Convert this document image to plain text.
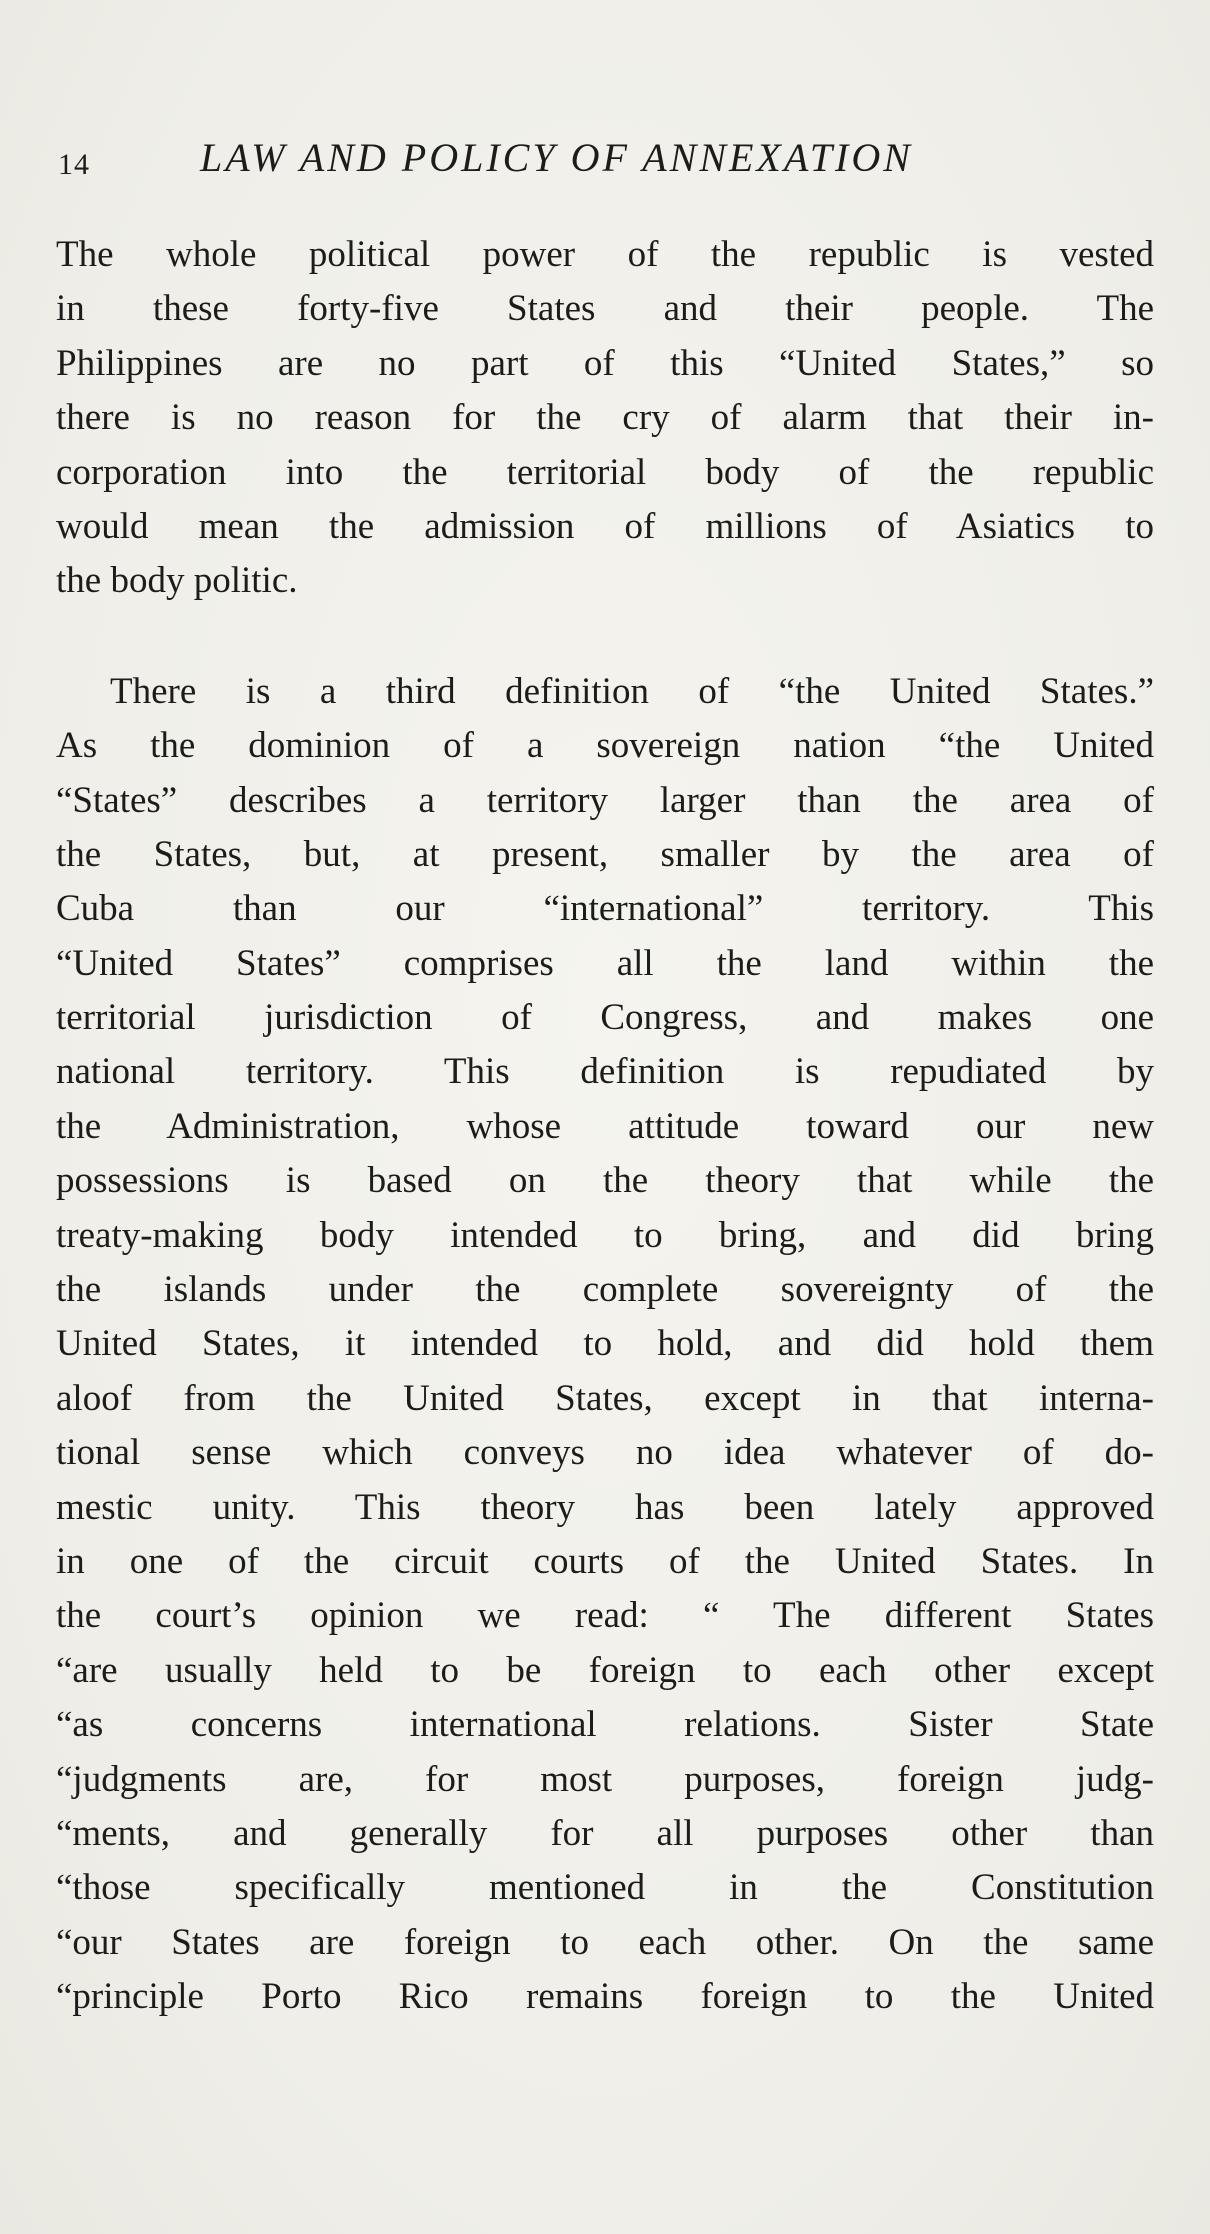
14	LAW AND POLICY OF ANNEXATION
The whole political power of the republic is vested
in these forty-five States and their people. The
Philippines are no part of this “United States,” so
there is no reason for the cry of alarm that their in-
corporation into the territorial body of the republic
would mean the admission of millions of Asiatics to
the body politic.
There is a third definition of “the United States.”
As the dominion of a sovereign nation “the United
“States” describes a territory larger than the area of
the States, but, at present, smaller by the area of
Cuba than our “international” territory. This
“United States” comprises all the land within the
territorial jurisdiction of Congress, and makes one
national territory. This definition is repudiated by
the Administration, whose attitude toward our new
possessions is based on the theory that while the
treaty-making body intended to bring, and did bring
the islands under the complete sovereignty of the
United States, it intended to hold, and did hold them
aloof from the United States, except in that interna-
tional sense which conveys no idea whatever of do-
mestic unity. This theory has been lately approved
in one of the circuit courts of the United States. In
the court’s opinion we read: “ The different States
“are usually held to be foreign to each other except
“as concerns international relations. Sister State
“judgments are, for most purposes, foreign judg-
“ments, and generally for all purposes other than
“those specifically mentioned in the Constitution
“our States are foreign to each other. On the same
“principle Porto Rico remains foreign to the United
